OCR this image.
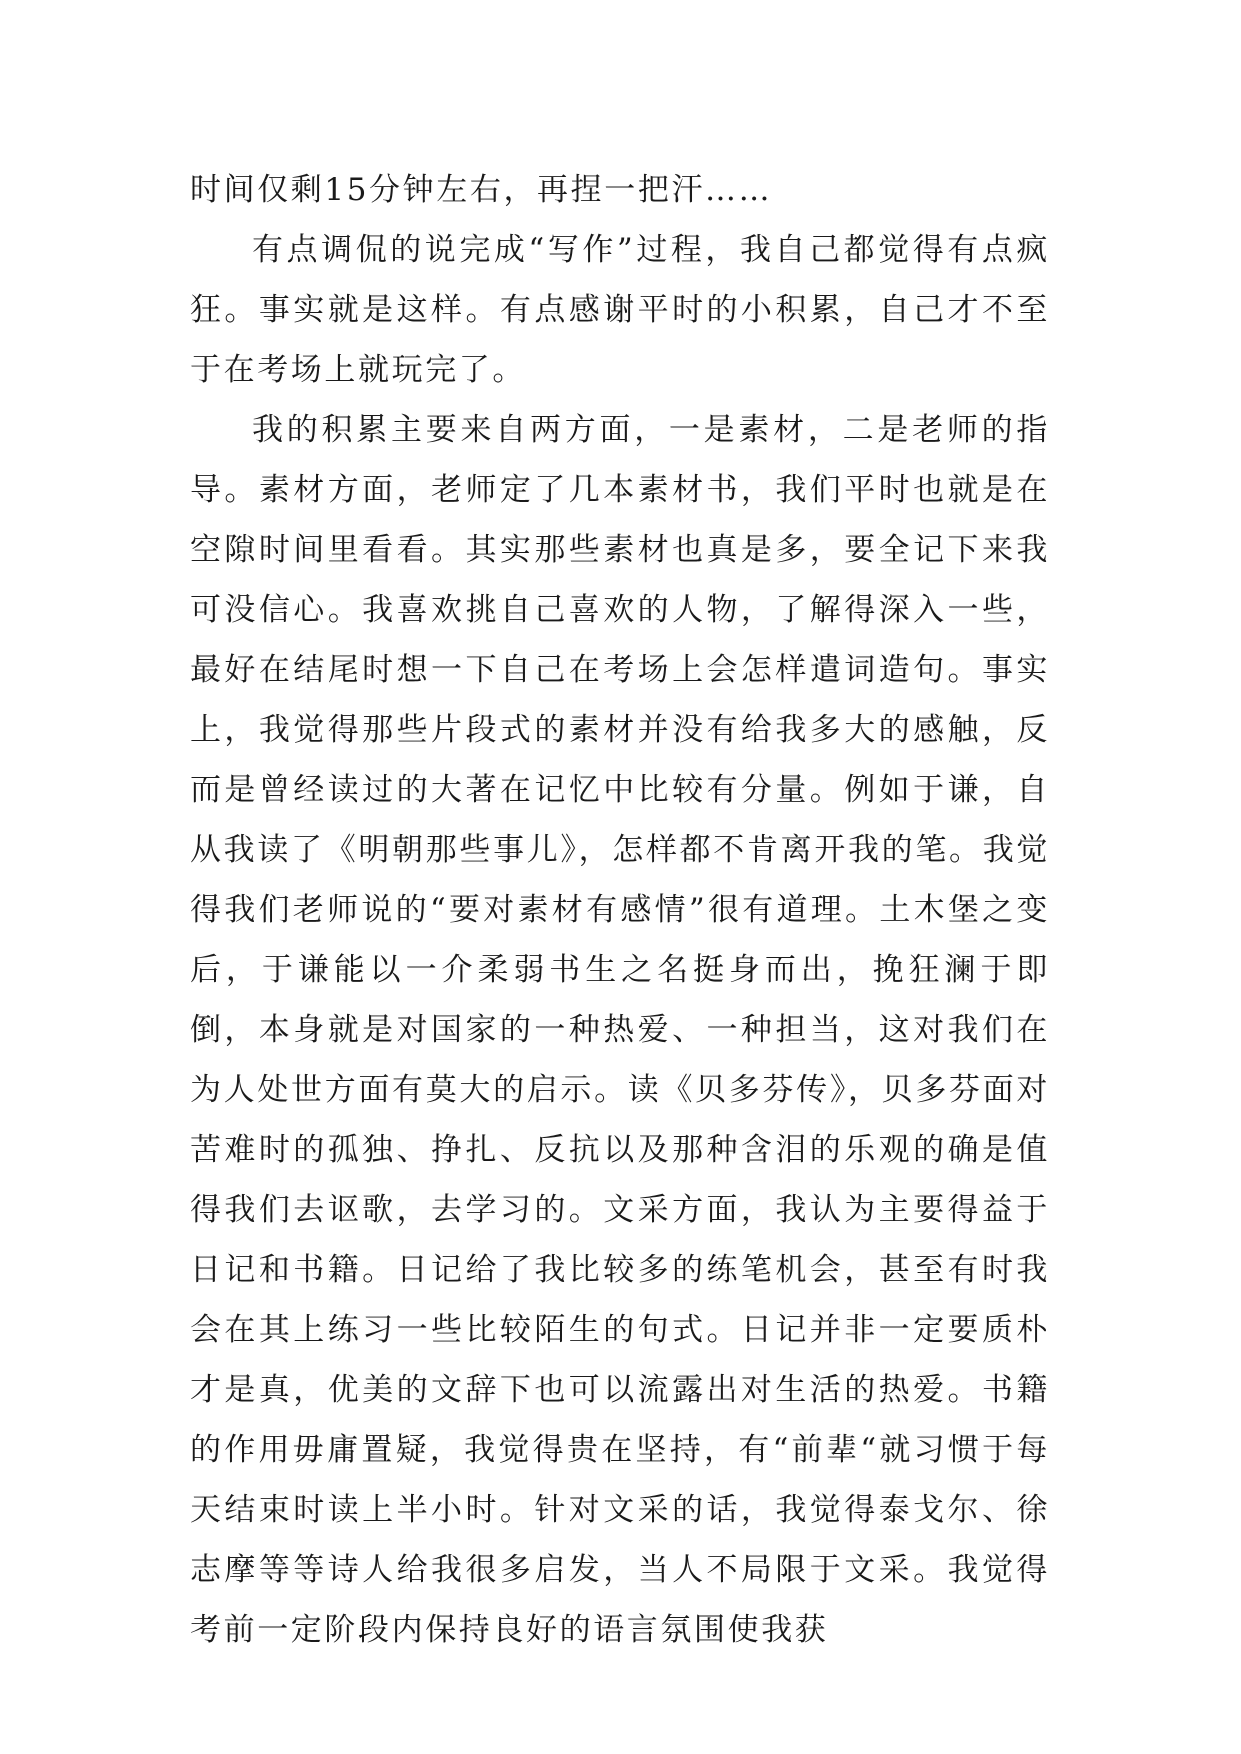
时间仅剩15分钟左右，再捏一把汗……

有点调侃的说完成“写作”过程，我自己都觉得有点疯狂。事实就是这样。有点感谢平时的小积累，自己才不至于在考场上就玩完了。

我的积累主要来自两方面，一是素材，二是老师的指导。素材方面，老师定了几本素材书，我们平时也就是在空隙时间里看看。其实那些素材也真是多，要全记下来我可没信心。我喜欢挑自己喜欢的人物，了解得深入一些，最好在结尾时想一下自己在考场上会怎样遣词造句。事实上，我觉得那些片段式的素材并没有给我多大的感触，反而是曾经读过的大著在记忆中比较有分量。例如于谦，自从我读了《明朝那些事儿》，怎样都不肯离开我的笔。我觉得我们老师说的“要对素材有感情”很有道理。土木堡之变后，于谦能以一介柔弱书生之名挺身而出，挽狂澜于即倒，本身就是对国家的一种热爱、一种担当，这对我们在为人处世方面有莫大的启示。读《贝多芬传》，贝多芬面对苦难时的孤独、挣扎、反抗以及那种含泪的乐观的确是值得我们去讴歌，去学习的。文采方面，我认为主要得益于日记和书籍。日记给了我比较多的练笔机会，甚至有时我会在其上练习一些比较陌生的句式。日记并非一定要质朴才是真，优美的文辞下也可以流露出对生活的热爱。书籍的作用毋庸置疑，我觉得贵在坚持，有“前辈“就习惯于每天结束时读上半小时。针对文采的话，我觉得泰戈尔、徐志摩等等诗人给我很多启发，当人不局限于文采。我觉得考前一定阶段内保持良好的语言氛围使我获
